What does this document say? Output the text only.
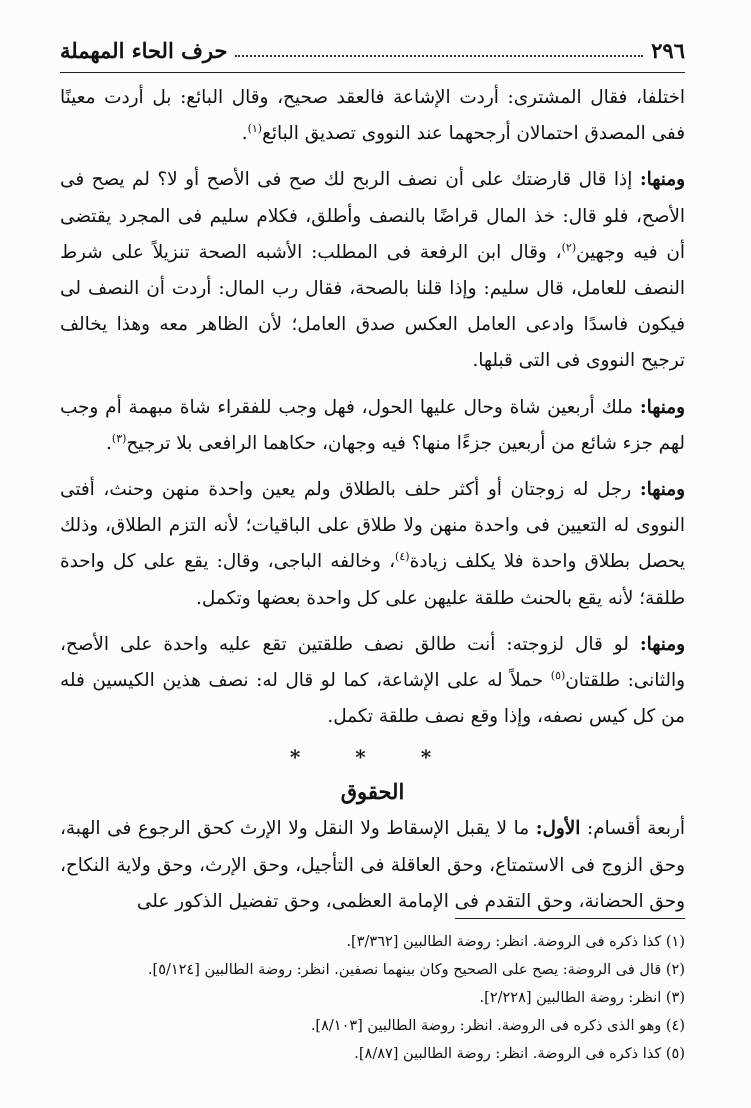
٢٩٦
حرف الحاء المهملة

اختلفا، فقال المشترى: أردت الإشاعة فالعقد صحيح، وقال البائع: بل أردت معينًا ففى المصدق احتمالان أرجحهما عند النووى تصديق البائع$^{(١)}$.

ومنها: إذا قال قارضتك على أن نصف الربح لك صح فى الأصح أو لا؟ لم يصح فى الأصح، فلو قال: خذ المال قراضًا بالنصف وأطلق، فكلام سليم فى المجرد يقتضى أن فيه وجهين$^{(٢)}$، وقال ابن الرفعة فى المطلب: الأشبه الصحة تنزيلاً على شرط النصف للعامل، قال سليم: وإذا قلنا بالصحة، فقال رب المال: أردت أن النصف لى فيكون فاسدًا وادعى العامل العكس صدق العامل؛ لأن الظاهر معه وهذا يخالف ترجيح النووى فى التى قبلها.

ومنها: ملك أربعين شاة وحال عليها الحول، فهل وجب للفقراء شاة مبهمة أم وجب لهم جزء شائع من أربعين جزءًا منها؟ فيه وجهان، حكاهما الرافعى بلا ترجيح$^{(٣)}$.

ومنها: رجل له زوجتان أو أكثر حلف بالطلاق ولم يعين واحدة منهن وحنث، أفتى النووى له التعيين فى واحدة منهن ولا طلاق على الباقيات؛ لأنه التزم الطلاق، وذلك يحصل بطلاق واحدة فلا يكلف زيادة$^{(٤)}$، وخالفه الباجى، وقال: يقع على كل واحدة طلقة؛ لأنه يقع بالحنث طلقة عليهن على كل واحدة بعضها وتكمل.

ومنها: لو قال لزوجته: أنت طالق نصف طلقتين تقع عليه واحدة على الأصح، والثانى: طلقتان$^{(٥)}$ حملاً له على الإشاعة، كما لو قال له: نصف هذين الكيسين فله من كل كيس نصفه، وإذا وقع نصف طلقة تكمل.

* * *
الحقوق

أربعة أقسام: الأول: ما لا يقبل الإسقاط ولا النقل ولا الإرث كحق الرجوع فى الهبة، وحق الزوج فى الاستمتاع، وحق العاقلة فى التأجيل، وحق الإرث، وحق ولاية النكاح، وحق الحضانة، وحق التقدم فى الإمامة العظمى، وحق تفضيل الذكور على

(١) كذا ذكره فى الروضة. انظر: روضة الطالبين [٣/٣٦٢].

(٢) قال فى الروضة: يصح على الصحيح وكان بينهما نصفين. انظر: روضة الطالبين [٥/١٢٤].

(٣) انظر: روضة الطالبين [٢/٢٢٨].

(٤) وهو الذى ذكره فى الروضة. انظر: روضة الطالبين [٨/١٠٣].

(٥) كذا ذكره فى الروضة. انظر: روضة الطالبين [٨/٨٧].
